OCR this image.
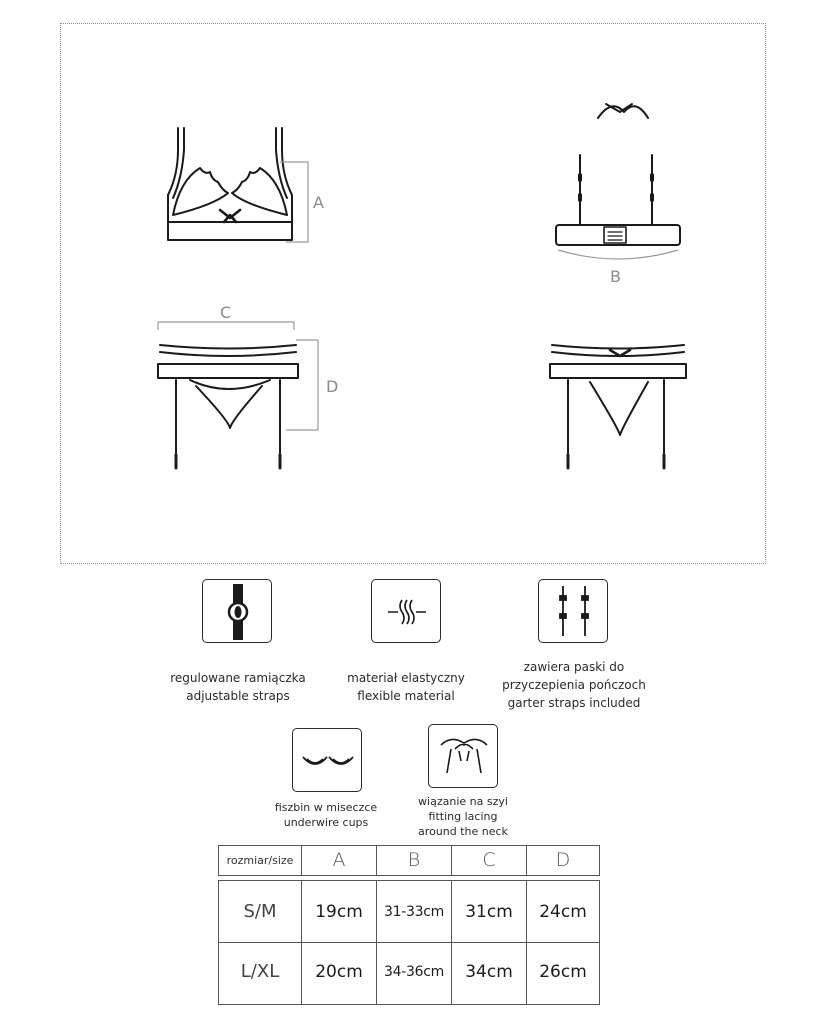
A
B
C
D
regulowane ramiączka
adjustable straps
materiał elastyczny
flexible material
zawiera paski do
przyczepienia pończoch
garter straps included
fiszbin w miseczce
underwire cups
wiązanie na szyi
fitting lacing
around the neck
rozmiar/size	A	B	C	D
S/M	19cm	31-33cm	31cm	24cm
L/XL	20cm	34-36cm	34cm	26cm
